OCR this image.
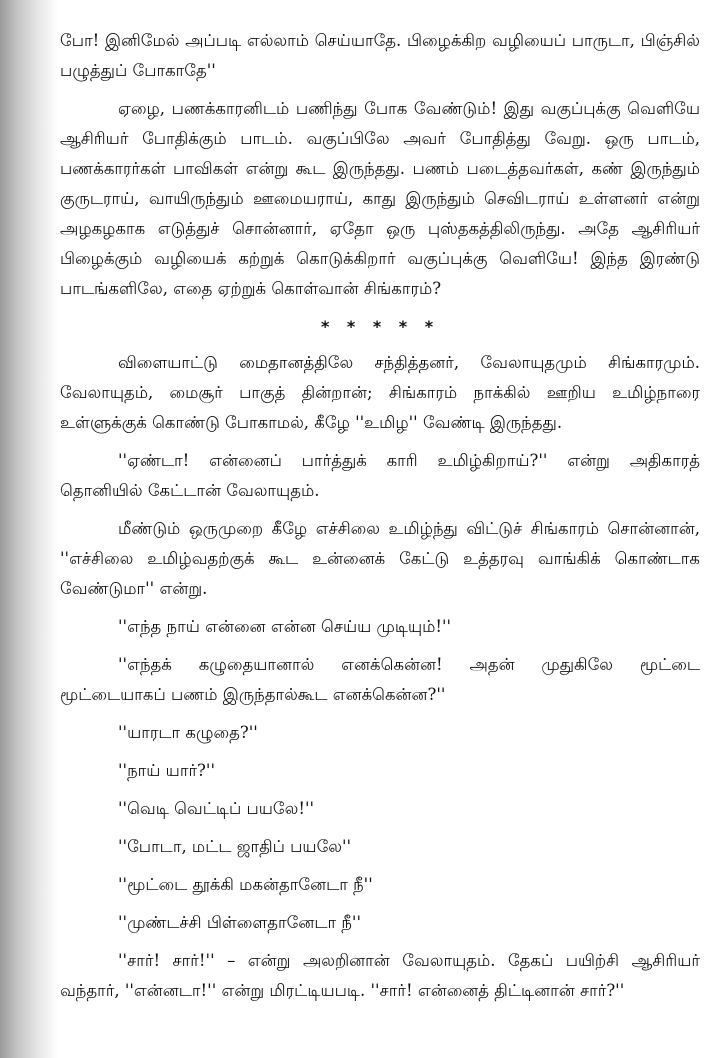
போ! இனிமேல் அப்படி எல்லாம் செய்யாதே. பிழைக்கிற வழியைப் பாருடா, பிஞ்சில் பழுத்துப் போகாதே''

ஏழை, பணக்காரனிடம் பணிந்து போக வேண்டும்! இது வகுப்புக்கு வெளியே ஆசிரியர் போதிக்கும் பாடம். வகுப்பிலே அவர் போதித்து வேறு. ஒரு பாடம், பணக்காரர்கள் பாவிகள் என்று கூட இருந்தது. பணம் படைத்தவர்கள், கண் இருந்தும் குருடராய், வாயிருந்தும் ஊமையராய், காது இருந்தும் செவிடராய் உள்ளனர் என்று அழகழகாக எடுத்துச் சொன்னார், ஏதோ ஒரு புஸ்தகத்திலிருந்து. அதே ஆசிரியர் பிழைக்கும் வழியைக் கற்றுக் கொடுக்கிறார் வகுப்புக்கு வெளியே! இந்த இரண்டு பாடங்களிலே, எதை ஏற்றுக் கொள்வான் சிங்காரம்?

* * * * *

விளையாட்டு மைதானத்திலே சந்தித்தனர், வேலாயுதமும் சிங்காரமும். வேலாயுதம், மைசூர் பாகுத் தின்றான்; சிங்காரம் நாக்கில் ஊறிய உமிழ்நாரை உள்ளுக்குக் கொண்டு போகாமல், கீழே ''உமிழ'' வேண்டி இருந்தது.

''ஏண்டா! என்னைப் பார்த்துக் காரி உமிழ்கிறாய்?'' என்று அதிகாரத் தொனியில் கேட்டான் வேலாயுதம்.

மீண்டும் ஒருமுறை கீழே எச்சிலை உமிழ்ந்து விட்டுச் சிங்காரம் சொன்னான், ''எச்சிலை உமிழ்வதற்குக் கூட உன்னைக் கேட்டு உத்தரவு வாங்கிக் கொண்டாக வேண்டுமா'' என்று.

''எந்த நாய் என்னை என்ன செய்ய முடியும்!''

''எந்தக் கழுதையானால் எனக்கென்ன! அதன் முதுகிலே மூட்டை மூட்டையாகப் பணம் இருந்தால்கூட எனக்கென்ன?''

''யாரடா கழுதை?''

''நாய் யார்?''

''வெடி வெட்டிப் பயலே!''

''போடா, மட்ட ஜாதிப் பயலே''

''மூட்டை தூக்கி மகன்தானேடா நீ''

''முண்டச்சி பிள்ளைதானேடா நீ''

''சார்! சார்!'' – என்று அலறினான் வேலாயுதம். தேகப் பயிற்சி ஆசிரியர் வந்தார், ''என்னடா!'' என்று மிரட்டியபடி. ''சார்! என்னைத் திட்டினான் சார்?''
